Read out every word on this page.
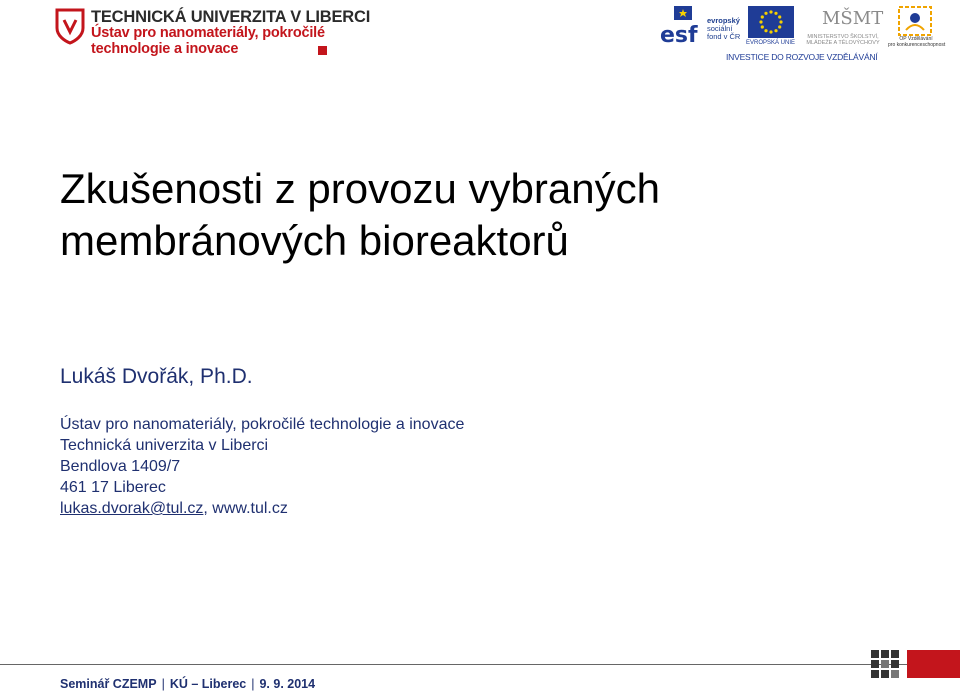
TECHNICKÁ UNIVERZITA V LIBERCI
Ústav pro nanomateriály, pokročilé
technologie a inovace
esf
evropský
sociální
fond v ČR
EVROPSKÁ UNIE
MŠMT
MINISTERSTVO ŠKOLSTVÍ,
MLÁDEŽE A TĚLOVÝCHOVY
OP Vzdělávání
pro konkurenceschopnost
INVESTICE DO ROZVOJE VZDĚLÁVÁNÍ
Zkušenosti z provozu vybraných
membránových bioreaktorů
Lukáš Dvořák, Ph.D.
Ústav pro nanomateriály, pokročilé technologie a inovace
Technická univerzita v Liberci
Bendlova 1409/7
461 17 Liberec
lukas.dvorak@tul.cz, www.tul.cz
Seminář CZEMP | KÚ – Liberec | 9. 9. 2014
